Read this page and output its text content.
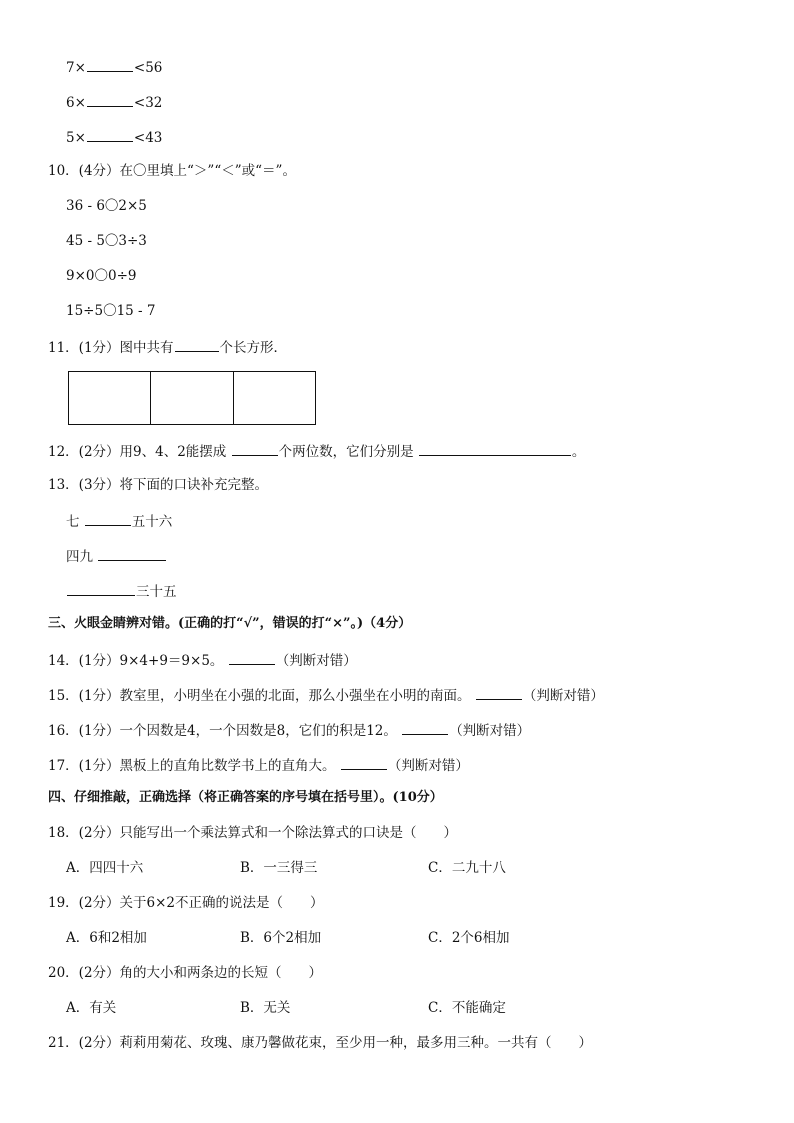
7×	<56
6×	<32
5×	<43
10．(4分）在〇里填上“＞”“＜”或“＝”。
36 - 6〇2×5
45 - 5〇3÷3
9×0〇0÷9
15÷5〇15 - 7
11．(1分）图中共有	个长方形．
12．(2分）用9、4、2能摆成	个两位数，它们分别是	。
13．(3分）将下面的口诀补充完整。
七	五十六
四九
三十五
三、火眼金睛辨对错。(正确的打“√”，错误的打“×”。)（4分）
14．(1分）9×4+9＝9×5。	（判断对错）
15．(1分）教室里，小明坐在小强的北面，那么小强坐在小明的南面。	（判断对错）
16．(1分）一个因数是4，一个因数是8，它们的积是12。	（判断对错）
17．(1分）黑板上的直角比数学书上的直角大。	（判断对错）
四、仔细推敲，正确选择（将正确答案的序号填在括号里）。(10分）
18．(2分）只能写出一个乘法算式和一个除法算式的口诀是（　　）
A．四四十六	B．一三得三	C．二九十八
19．(2分）关于6×2不正确的说法是（　　）
A．6和2相加	B．6个2相加	C．2个6相加
20．(2分）角的大小和两条边的长短（　　）
A．有关	B．无关	C．不能确定
21．(2分）莉莉用菊花、玫瑰、康乃馨做花束，至少用一种，最多用三种。一共有（　　）
